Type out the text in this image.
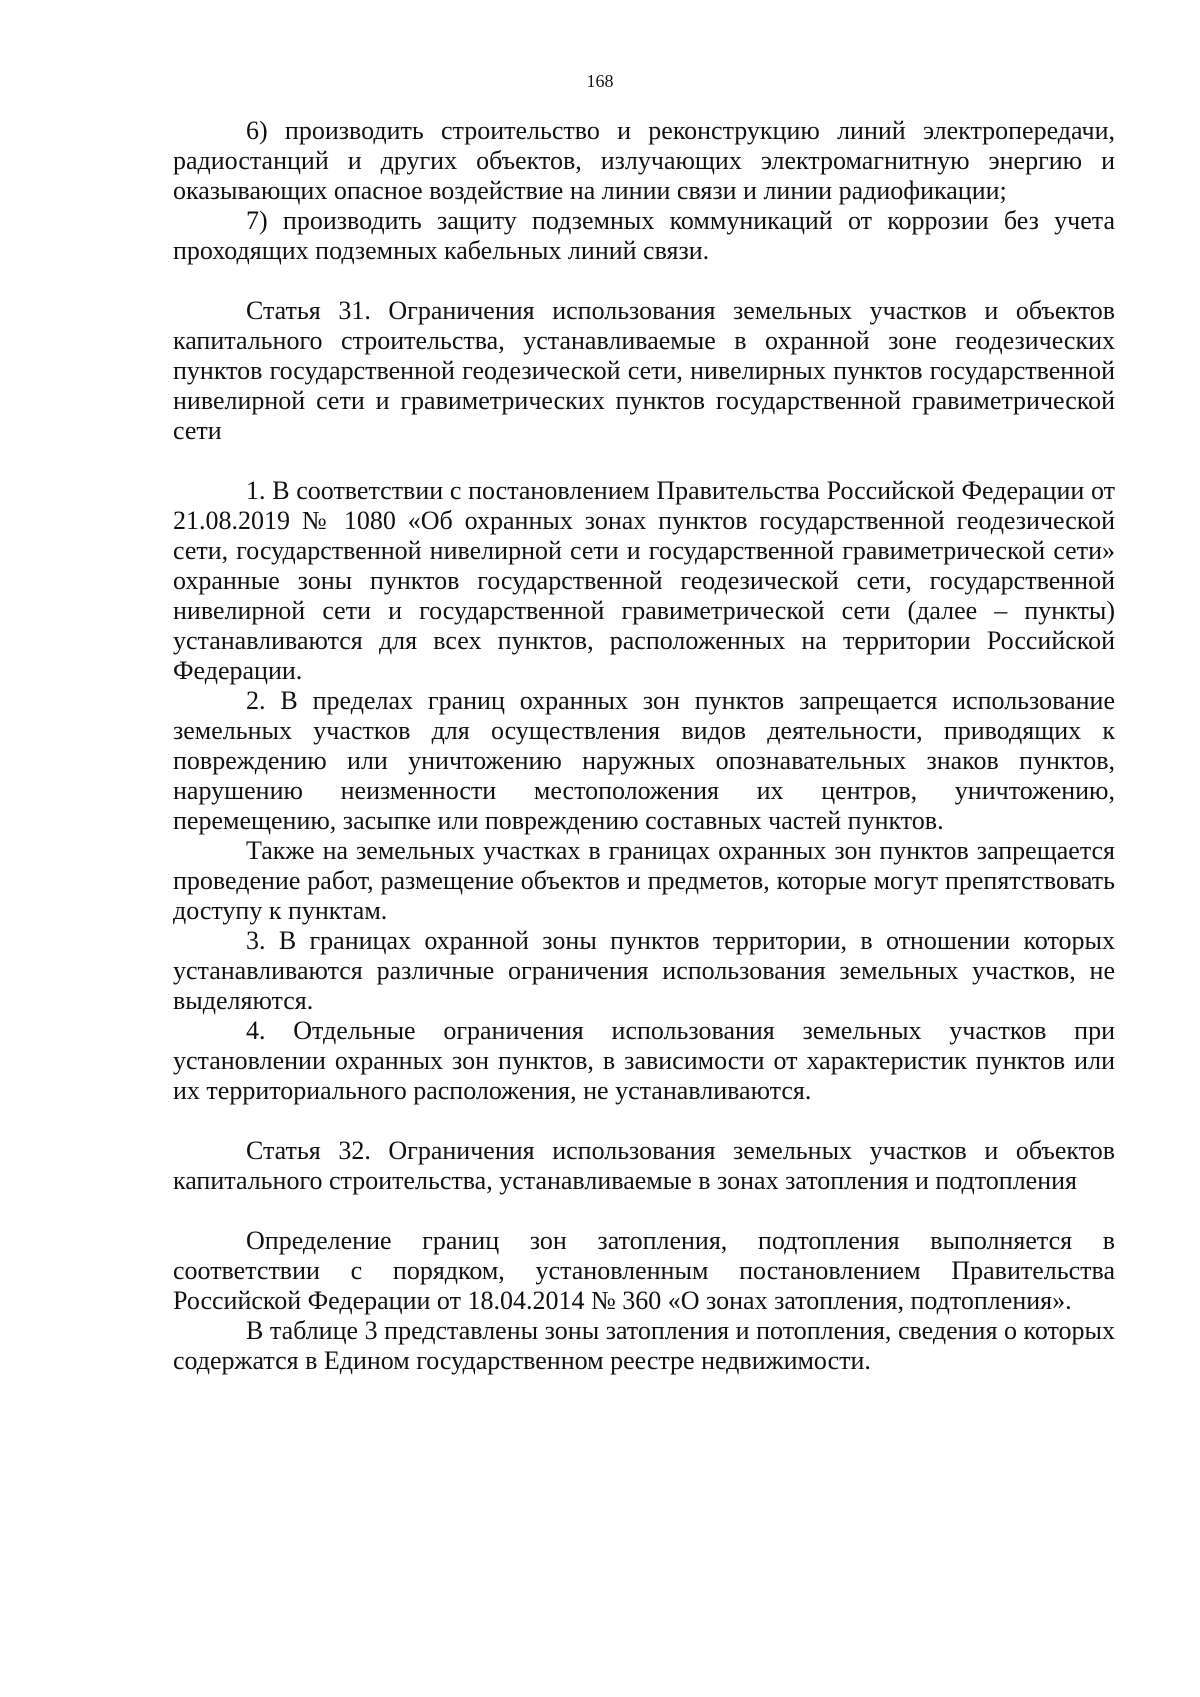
168

6) производить строительство и реконструкцию линий электропередачи, радиостанций и других объектов, излучающих электромагнитную энергию и оказывающих опасное воздействие на линии связи и линии радиофикации;

7) производить защиту подземных коммуникаций от коррозии без учета проходящих подземных кабельных линий связи.

Статья 31. Ограничения использования земельных участков и объектов капитального строительства, устанавливаемые в охранной зоне геодезических пунктов государственной геодезической сети, нивелирных пунктов государственной нивелирной сети и гравиметрических пунктов государственной гравиметрической сети

1. В соответствии с постановлением Правительства Российской Федерации от 21.08.2019 № 1080 «Об охранных зонах пунктов государственной геодезической сети, государственной нивелирной сети и государственной гравиметрической сети» охранные зоны пунктов государственной геодезической сети, государственной нивелирной сети и государственной гравиметрической сети (далее – пункты) устанавливаются для всех пунктов, расположенных на территории Российской Федерации.

2. В пределах границ охранных зон пунктов запрещается использование земельных участков для осуществления видов деятельности, приводящих к повреждению или уничтожению наружных опознавательных знаков пунктов, нарушению неизменности местоположения их центров, уничтожению, перемещению, засыпке или повреждению составных частей пунктов.

Также на земельных участках в границах охранных зон пунктов запрещается проведение работ, размещение объектов и предметов, которые могут препятствовать доступу к пунктам.

3. В границах охранной зоны пунктов территории, в отношении которых устанавливаются различные ограничения использования земельных участков, не выделяются.

4. Отдельные ограничения использования земельных участков при установлении охранных зон пунктов, в зависимости от характеристик пунктов или их территориального расположения, не устанавливаются.

Статья 32. Ограничения использования земельных участков и объектов капитального строительства, устанавливаемые в зонах затопления и подтопления

Определение границ зон затопления, подтопления выполняется в соответствии с порядком, установленным постановлением Правительства Российской Федерации от 18.04.2014 № 360 «О зонах затопления, подтопления».

В таблице 3 представлены зоны затопления и потопления, сведения о которых содержатся в Едином государственном реестре недвижимости.
